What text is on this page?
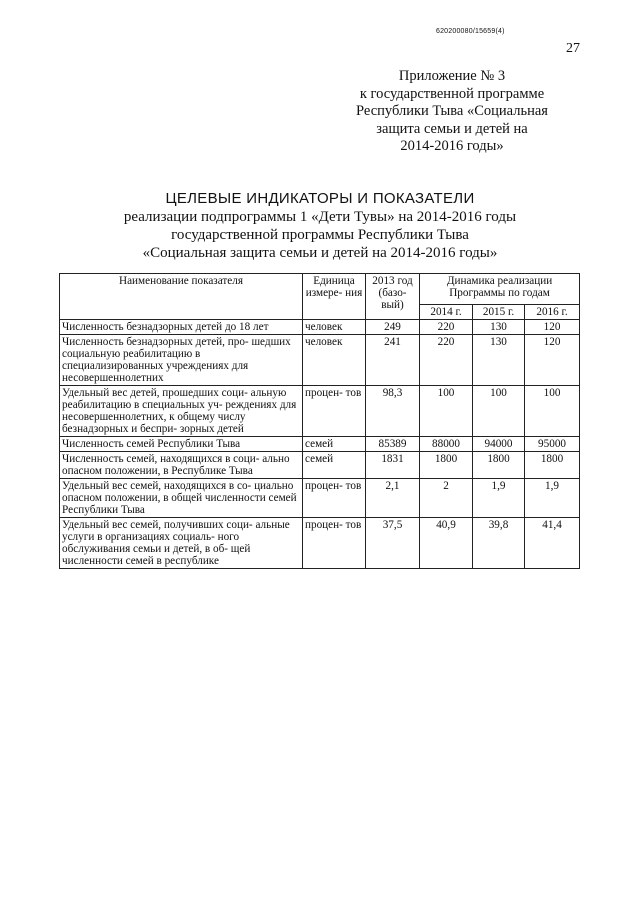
620200080/15659(4)
27
Приложение № 3
к государственной программе
Республики Тыва «Социальная
защита семьи и детей на
2014-2016 годы»
ЦЕЛЕВЫЕ ИНДИКАТОРЫ И ПОКАЗАТЕЛИ
реализации подпрограммы 1 «Дети Тувы» на 2014-2016 годы
государственной программы Республики Тыва
«Социальная защита семьи и детей на 2014-2016 годы»
Наименование показателя	Единица измере- ния	2013 год (базо- вый)	Динамика реализации Программы по годам		
			2014 г.	2015 г.	2016 г.
Численность безнадзорных детей до 18 лет	человек	249	220	130	120
Численность безнадзорных детей, про- шедших социальную реабилитацию в специализированных учреждениях для несовершеннолетних	человек	241	220	130	120
Удельный вес детей, прошедших соци- альную реабилитацию в специальных уч- реждениях для несовершеннолетних, к общему числу безнадзорных и беспри- зорных детей	процен- тов	98,3	100	100	100
Численность семей Республики Тыва	семей	85389	88000	94000	95000
Численность семей, находящихся в соци- ально опасном положении, в Республике Тыва	семей	1831	1800	1800	1800
Удельный вес семей, находящихся в со- циально опасном положении, в общей численности семей Республики Тыва	процен- тов	2,1	2	1,9	1,9
Удельный вес семей, получивших соци- альные услуги в организациях социаль- ного обслуживания семьи и детей, в об- щей численности семей в республике	процен- тов	37,5	40,9	39,8	41,4
